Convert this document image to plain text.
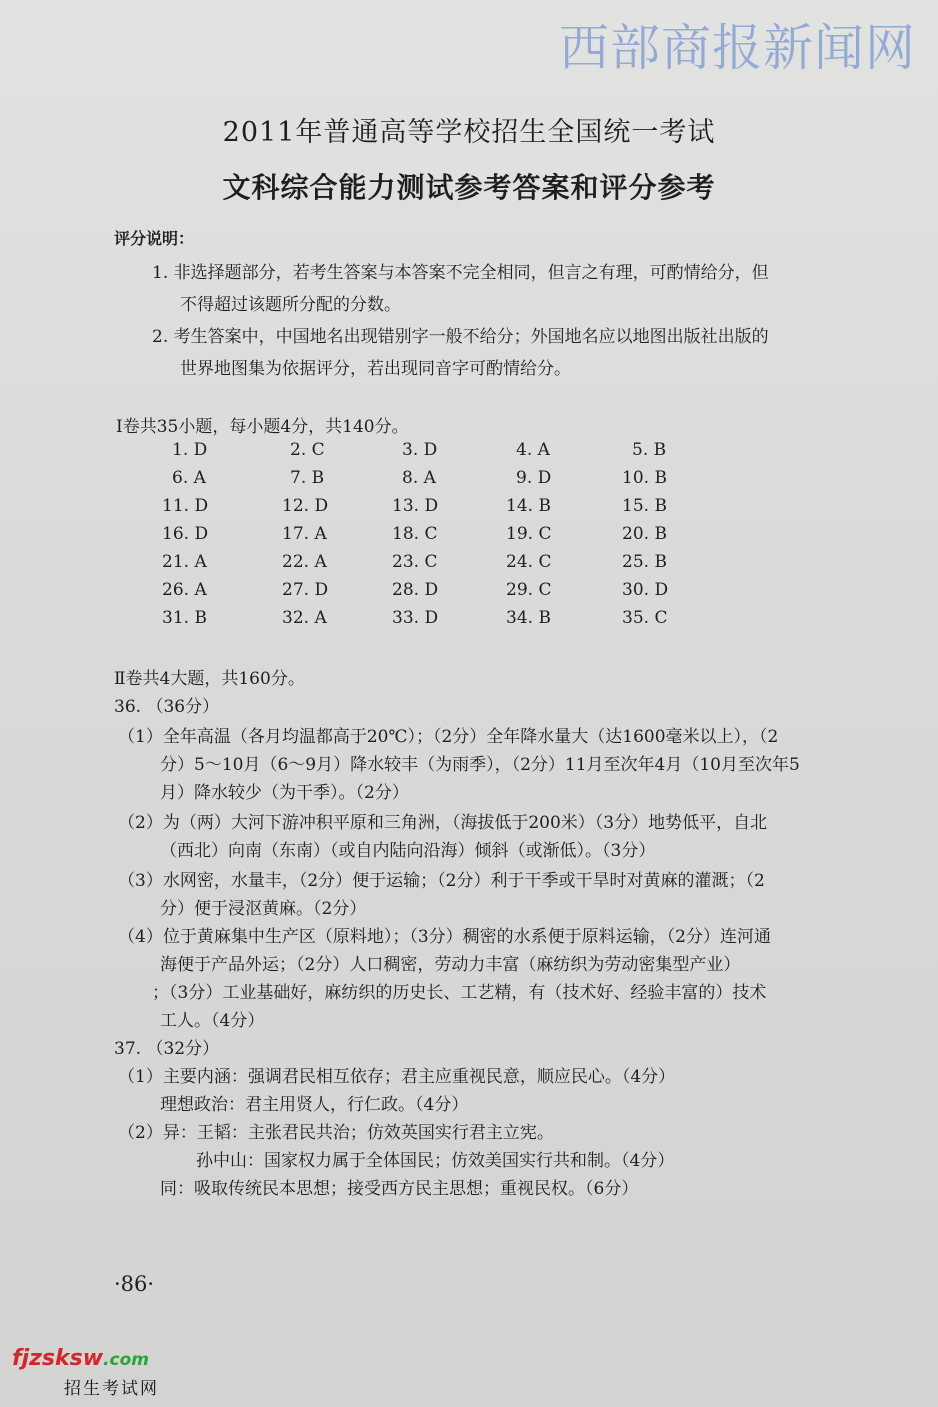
西部商报新闻网
2011年普通高等学校招生全国统一考试
文科综合能力测试参考答案和评分参考
评分说明：
1. 非选择题部分，若考生答案与本答案不完全相同，但言之有理，可酌情给分，但
不得超过该题所分配的分数。
2. 考生答案中，中国地名出现错别字一般不给分；外国地名应以地图出版社出版的
世界地图集为依据评分，若出现同音字可酌情给分。
Ⅰ卷共35小题，每小题4分，共140分。
1. D	2. C	3. D	4. A	5. B
6. A	7. B	8. A	9. D	10. B
11. D	12. D	13. D	14. B	15. B
16. D	17. A	18. C	19. C	20. B
21. A	22. A	23. C	24. C	25. B
26. A	27. D	28. D	29. C	30. D
31. B	32. A	33. D	34. B	35. C
Ⅱ卷共4大题，共160分。
36. （36分）
（1）全年高温（各月均温都高于20℃）；（2分）全年降水量大（达1600毫米以上），（2
分）5～10月（6～9月）降水较丰（为雨季），（2分）11月至次年4月（10月至次年5
月）降水较少（为干季）。（2分）
（2）为（两）大河下游冲积平原和三角洲，（海拔低于200米）（3分）地势低平，自北
（西北）向南（东南）（或自内陆向沿海）倾斜（或渐低）。（3分）
（3）水网密，水量丰，（2分）便于运输；（2分）利于干季或干旱时对黄麻的灌溉；（2
分）便于浸沤黄麻。（2分）
（4）位于黄麻集中生产区（原料地）；（3分）稠密的水系便于原料运输，（2分）连河通
海便于产品外运；（2分）人口稠密，劳动力丰富（麻纺织为劳动密集型产业）
；（3分）工业基础好，麻纺织的历史长、工艺精，有（技术好、经验丰富的）技术
工人。（4分）
37. （32分）
（1）主要内涵：强调君民相互依存；君主应重视民意，顺应民心。（4分）
理想政治：君主用贤人，行仁政。（4分）
（2）异：王韬：主张君民共治；仿效英国实行君主立宪。
孙中山：国家权力属于全体国民；仿效美国实行共和制。（4分）
同：吸取传统民本思想；接受西方民主思想；重视民权。（6分）
·86·
fjzsksw.com
招生考试网
